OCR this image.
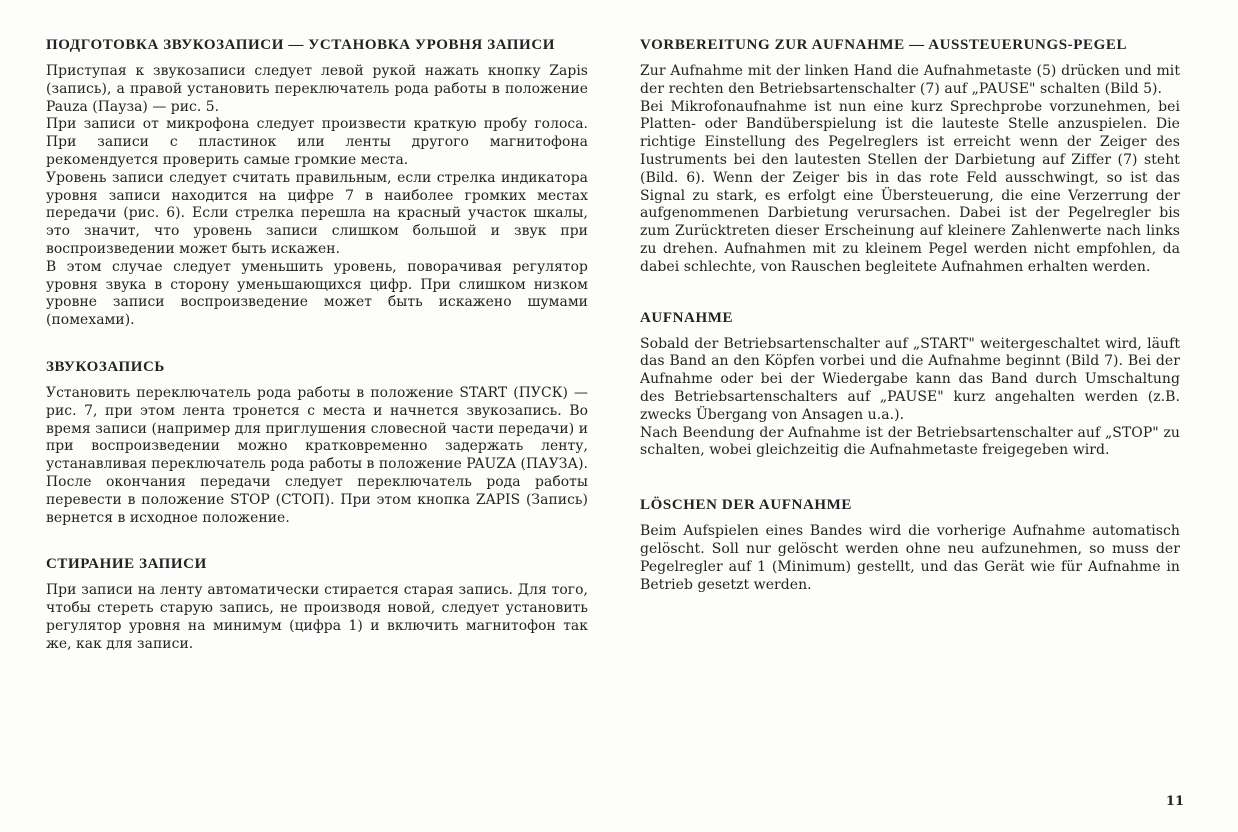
ПОДГОТОВКА ЗВУКОЗАПИСИ — УСТАНОВКА УРОВНЯ ЗАПИСИ

Приступая к звукозаписи следует левой рукой нажать кнопку Zapis (запись), а правой установить переключатель рода работы в положение Pauza (Пауза) — рис. 5.

При записи от микрофона следует произвести краткую пробу голоса. При записи с пластинок или ленты другого магнитофона рекомендуется проверить самые громкие места.

Уровень записи следует считать правильным, если стрелка индикатора уровня записи находится на цифре 7 в наиболее громких местах передачи (рис. 6). Если стрелка перешла на красный участок шкалы, это значит, что уровень записи слишком большой и звук при воспроизведении может быть искажен.

В этом случае следует уменьшить уровень, поворачивая регулятор уровня звука в сторону уменьшающихся цифр. При слишком низком уровне записи воспроизведение может быть искажено шумами (помехами).

ЗВУКОЗАПИСЬ

Установить переключатель рода работы в положение START (ПУСК) — рис. 7, при этом лента тронется с места и начнется звукозапись. Во время записи (например для приглушения словесной части передачи) и при воспроизведении можно кратковременно задержать ленту, устанавливая переключатель рода работы в положение PAUZA (ПАУЗА).

После окончания передачи следует переключатель рода работы перевести в положение STOP (СТОП). При этом кнопка ZAPIS (Запись) вернется в исходное положение.

СТИРАНИЕ ЗАПИСИ

При записи на ленту автоматически стирается старая запись. Для того, чтобы стереть старую запись, не производя новой, следует установить регулятор уровня на минимум (цифра 1) и включить магнитофон так же, как для записи.

VORBEREITUNG ZUR AUFNAHME — AUSSTEUERUNGS-PEGEL

Zur Aufnahme mit der linken Hand die Aufnahmetaste (5) drücken und mit der rechten den Betriebsartenschalter (7) auf „PAUSE" schalten (Bild 5).

Bei Mikrofonaufnahme ist nun eine kurz Sprechprobe vorzunehmen, bei Platten- oder Bandüberspielung ist die lauteste Stelle anzuspielen. Die richtige Einstellung des Pegelreglers ist erreicht wenn der Zeiger des Iustruments bei den lautesten Stellen der Darbietung auf Ziffer (7) steht (Bild. 6). Wenn der Zeiger bis in das rote Feld ausschwingt, so ist das Signal zu stark, es erfolgt eine Übersteuerung, die eine Verzerrung der aufgenommenen Darbietung verursachen. Dabei ist der Pegelregler bis zum Zurücktreten dieser Erscheinung auf kleinere Zahlenwerte nach links zu drehen. Aufnahmen mit zu kleinem Pegel werden nicht empfohlen, da dabei schlechte, von Rauschen begleitete Aufnahmen erhalten werden.

AUFNAHME

Sobald der Betriebsartenschalter auf „START" weitergeschaltet wird, läuft das Band an den Köpfen vorbei und die Aufnahme beginnt (Bild 7). Bei der Aufnahme oder bei der Wiedergabe kann das Band durch Umschaltung des Betriebsartenschalters auf „PAUSE" kurz angehalten werden (z.B. zwecks Übergang von Ansagen u.a.).

Nach Beendung der Aufnahme ist der Betriebsartenschalter auf „STOP" zu schalten, wobei gleichzeitig die Aufnahmetaste freigegeben wird.

LÖSCHEN DER AUFNAHME

Beim Aufspielen eines Bandes wird die vorherige Aufnahme automatisch gelöscht. Soll nur gelöscht werden ohne neu aufzunehmen, so muss der Pegelregler auf 1 (Minimum) gestellt, und das Gerät wie für Aufnahme in Betrieb gesetzt werden.

11
